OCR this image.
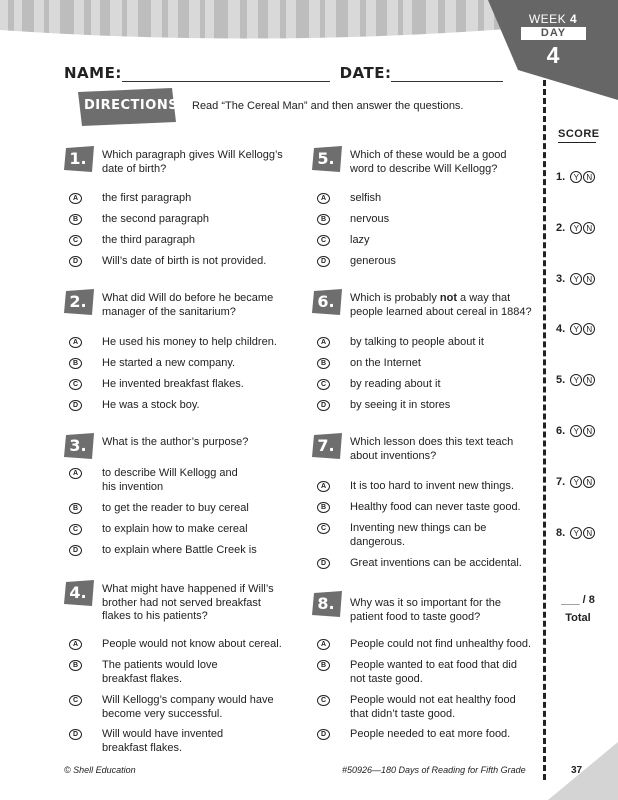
WEEK 4
DAY
4
NAME:	DATE:
DIRECTIONS Read “The Cereal Man” and then answer the questions.
1.	Which paragraph gives Will Kellogg’s date of birth?
A	the first paragraph
B	the second paragraph
C	the third paragraph
D	Will’s date of birth is not provided.
2.	What did Will do before he became manager of the sanitarium?
A	He used his money to help children.
B	He started a new company.
C	He invented breakfast flakes.
D	He was a stock boy.
3.	What is the author’s purpose?
A	to describe Will Kellogg and his invention
B	to get the reader to buy cereal
C	to explain how to make cereal
D	to explain where Battle Creek is
4.	What might have happened if Will’s brother had not served breakfast flakes to his patients?
A	People would not know about cereal.
B	The patients would love breakfast flakes.
C	Will Kellogg’s company would have become very successful.
D	Will would have invented breakfast flakes.
5.	Which of these would be a good word to describe Will Kellogg?
A	selfish
B	nervous
C	lazy
D	generous
6.	Which is probably not a way that people learned about cereal in 1884?
A	by talking to people about it
B	on the Internet
C	by reading about it
D	by seeing it in stores
7.	Which lesson does this text teach about inventions?
A	It is too hard to invent new things.
B	Healthy food can never taste good.
C	Inventing new things can be dangerous.
D	Great inventions can be accidental.
8.	Why was it so important for the patient food to taste good?
A	People could not find unhealthy food.
B	People wanted to eat food that did not taste good.
C	People would not eat healthy food that didn’t taste good.
D	People needed to eat more food.
SCORE
1.
	Y N
2.
	Y N
3.
	Y N
4.
	Y N
5.
	Y N
6.
	Y N
7.
	Y N
8.
	Y N
___ / 8
Total
© Shell Education	#50926—180 Days of Reading for Fifth Grade	37
